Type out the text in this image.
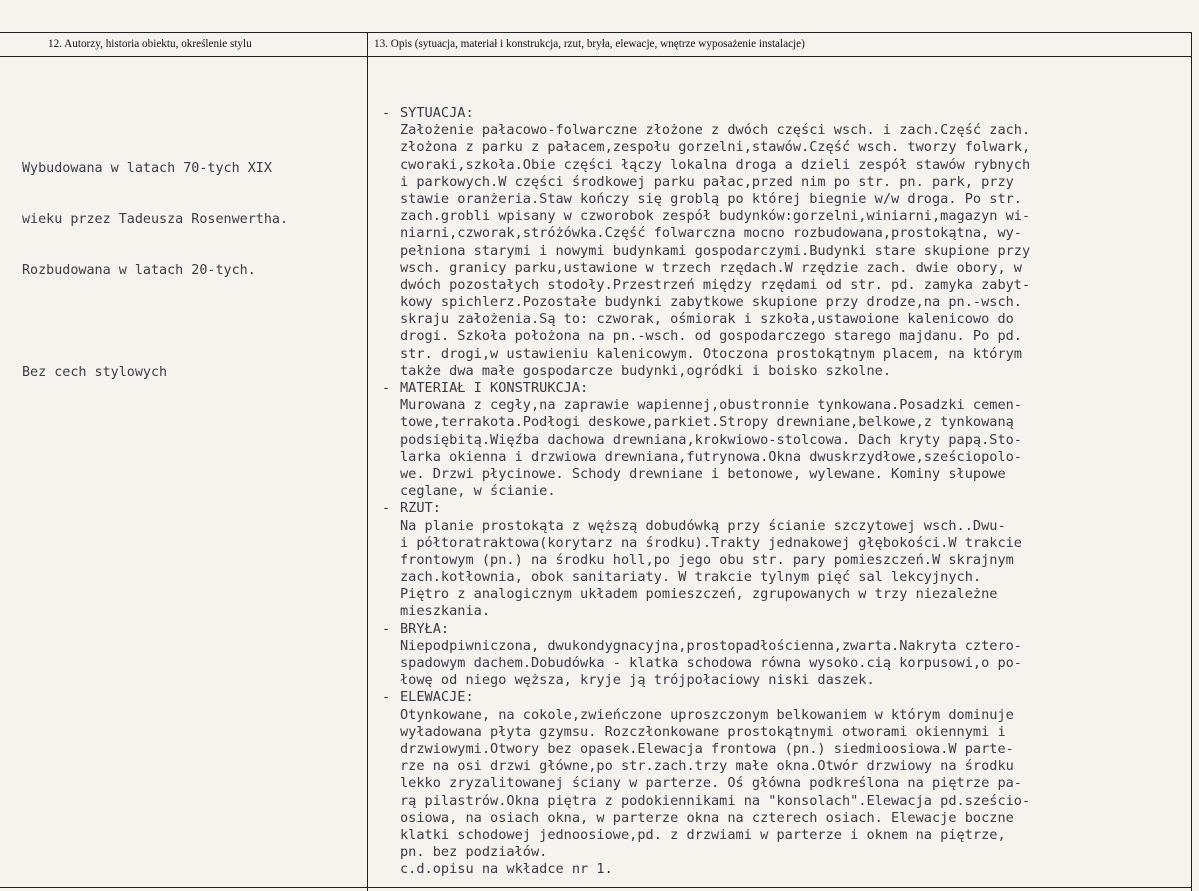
12. Autorzy, historia obiektu, określenie stylu	13. Opis (sytuacja, materiał i konstrukcja, rzut, bryła, elewacje, wnętrze wyposażenie instalacje)

Wybudowana w latach 70-tych XIX

wieku przez Tadeusza Rosenwertha.

Rozbudowana w latach 20-tych.

Bez cech stylowych

- SYTUACJA:
Założenie pałacowo-folwarczne złożone z dwóch części wsch. i zach.Część zach.
złożona z parku z pałacem,zespołu gorzelni,stawów.Część wsch. tworzy folwark,
cworaki,szkoła.Obie części łączy lokalna droga a dzieli zespół stawów rybnych
i parkowych.W części środkowej parku pałac,przed nim po str. pn. park, przy
stawie oranżeria.Staw kończy się groblą po której biegnie w/w droga. Po str.
zach.grobli wpisany w czworobok zespół budynków:gorzelni,winiarni,magazyn wi-
niarni,czworak,stróżówka.Część folwarczna mocno rozbudowana,prostokątna, wy-
pełniona starymi i nowymi budynkami gospodarczymi.Budynki stare skupione przy
wsch. granicy parku,ustawione w trzech rzędach.W rzędzie zach. dwie obory, w
dwóch pozostałych stodoły.Przestrzeń między rzędami od str. pd. zamyka zabyt-
kowy spichlerz.Pozostałe budynki zabytkowe skupione przy drodze,na pn.-wsch.
skraju założenia.Są to: czworak, ośmiorak i szkoła,ustawoione kalenicowo do
drogi. Szkoła położona na pn.-wsch. od gospodarczego starego majdanu. Po pd.
str. drogi,w ustawieniu kalenicowym. Otoczona prostokątnym placem, na którym
także dwa małe gospodarcze budynki,ogródki i boisko szkolne.
- MATERIAŁ I KONSTRUKCJA:
Murowana z cegły,na zaprawie wapiennej,obustronnie tynkowana.Posadzki cemen-
towe,terrakota.Podłogi deskowe,parkiet.Stropy drewniane,belkowe,z tynkowaną
podsiębitą.Więźba dachowa drewniana,krokwiowo-stolcowa. Dach kryty papą.Sto-
larka okienna i drzwiowa drewniana,futrynowa.Okna dwuskrzydłowe,sześciopolo-
we. Drzwi płycinowe. Schody drewniane i betonowe, wylewane. Kominy słupowe
ceglane, w ścianie.
- RZUT:
Na planie prostokąta z węższą dobudówką przy ścianie szczytowej wsch..Dwu-
i półtoratraktowa(korytarz na środku).Trakty jednakowej głębokości.W trakcie
frontowym (pn.) na środku holl,po jego obu str. pary pomieszczeń.W skrajnym
zach.kotłownia, obok sanitariaty. W trakcie tylnym pięć sal lekcyjnych.
Piętro z analogicznym układem pomieszczeń, zgrupowanych w trzy niezależne
mieszkania.
- BRYŁA:
Niepodpiwniczona, dwukondygnacyjna,prostopadłościenna,zwarta.Nakryta cztero-
spadowym dachem.Dobudówka - klatka schodowa równa wysoko.cią korpusowi,o po-
łowę od niego węższa, kryje ją trójpołaciowy niski daszek.
- ELEWACJE:
Otynkowane, na cokole,zwieńczone uproszczonym belkowaniem w którym dominuje
wyładowana płyta gzymsu. Rozczłonkowane prostokątnymi otworami okiennymi i
drzwiowymi.Otwory bez opasek.Elewacja frontowa (pn.) siedmioosiowa.W parte-
rze na osi drzwi główne,po str.zach.trzy małe okna.Otwór drzwiowy na środku
lekko zryzalitowanej ściany w parterze. Oś główna podkreślona na piętrze pa-
rą pilastrów.Okna piętra z podokiennikami na "konsolach".Elewacja pd.sześcio-
osiowa, na osiach okna, w parterze okna na czterech osiach. Elewacje boczne
klatki schodowej jednoosiowe,pd. z drzwiami w parterze i oknem na piętrze,
pn. bez podziałów.
c.d.opisu na wkładce nr 1.
